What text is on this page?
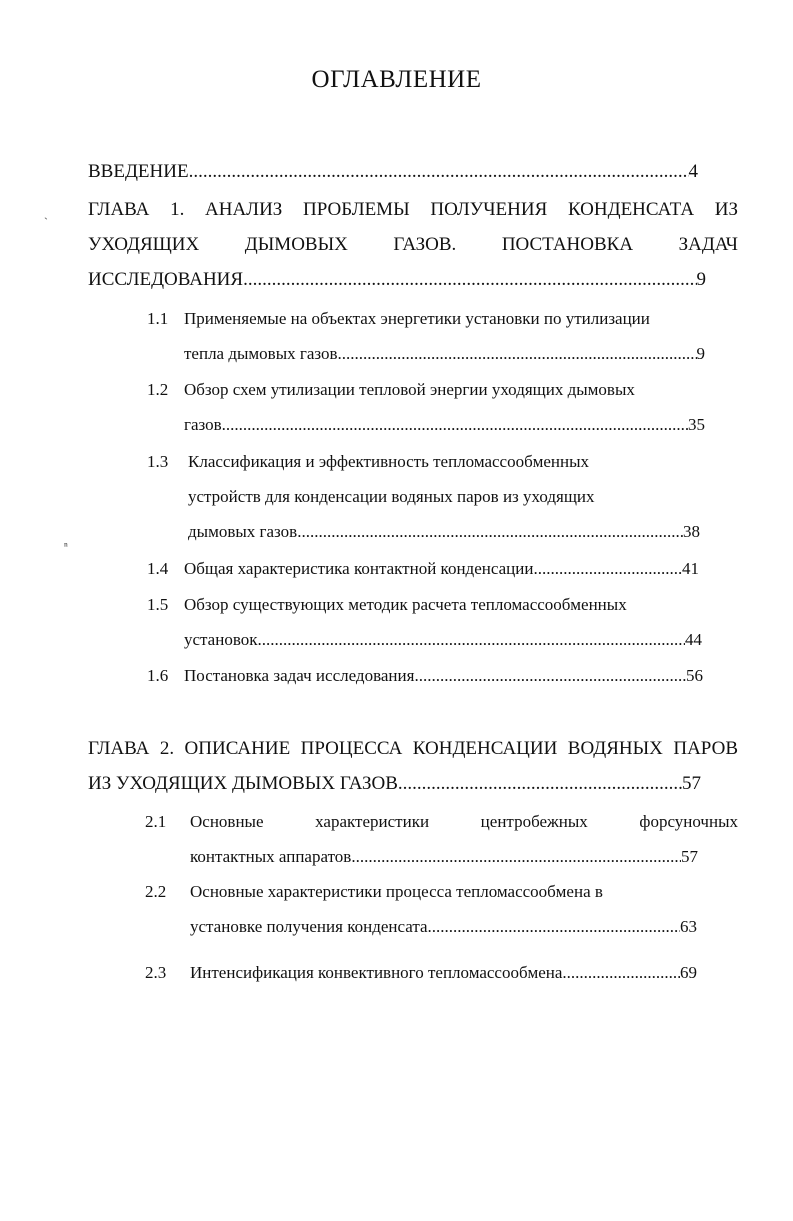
ОГЛАВЛЕНИЕ
ВВЕДЕНИЕ .....	4
ГЛАВА 1. АНАЛИЗ ПРОБЛЕМЫ ПОЛУЧЕНИЯ КОНДЕНСАТА ИЗ
УХОДЯЩИХ ДЫМОВЫХ ГАЗОВ. ПОСТАНОВКА ЗАДАЧ
ИССЛЕДОВАНИЯ .....	9
1.1 Применяемые на объектах энергетики установки по утилизации
тепла дымовых газов .....	9
1.2 Обзор схем утилизации тепловой энергии уходящих дымовых
газов .....	35
1.3 Классификация и эффективность тепломассообменных
устройств для конденсации водяных паров из уходящих
дымовых газов .....	38
1.4 Общая характеристика контактной конденсации .....	41
1.5 Обзор существующих методик расчета тепломассообменных
установок .....	44
1.6 Постановка задач исследования .....	56
ГЛАВА 2. ОПИСАНИЕ ПРОЦЕССА КОНДЕНСАЦИИ ВОДЯНЫХ ПАРОВ
ИЗ УХОДЯЩИХ ДЫМОВЫХ ГАЗОВ .....	57
2.1 Основные характеристики центробежных форсуночных
контактных аппаратов .....	57
2.2 Основные характеристики процесса тепломассообмена в
установке получения конденсата .....	63
2.3 Интенсификация конвективного тепломассообмена .....	69
ˎ
ⁿ
